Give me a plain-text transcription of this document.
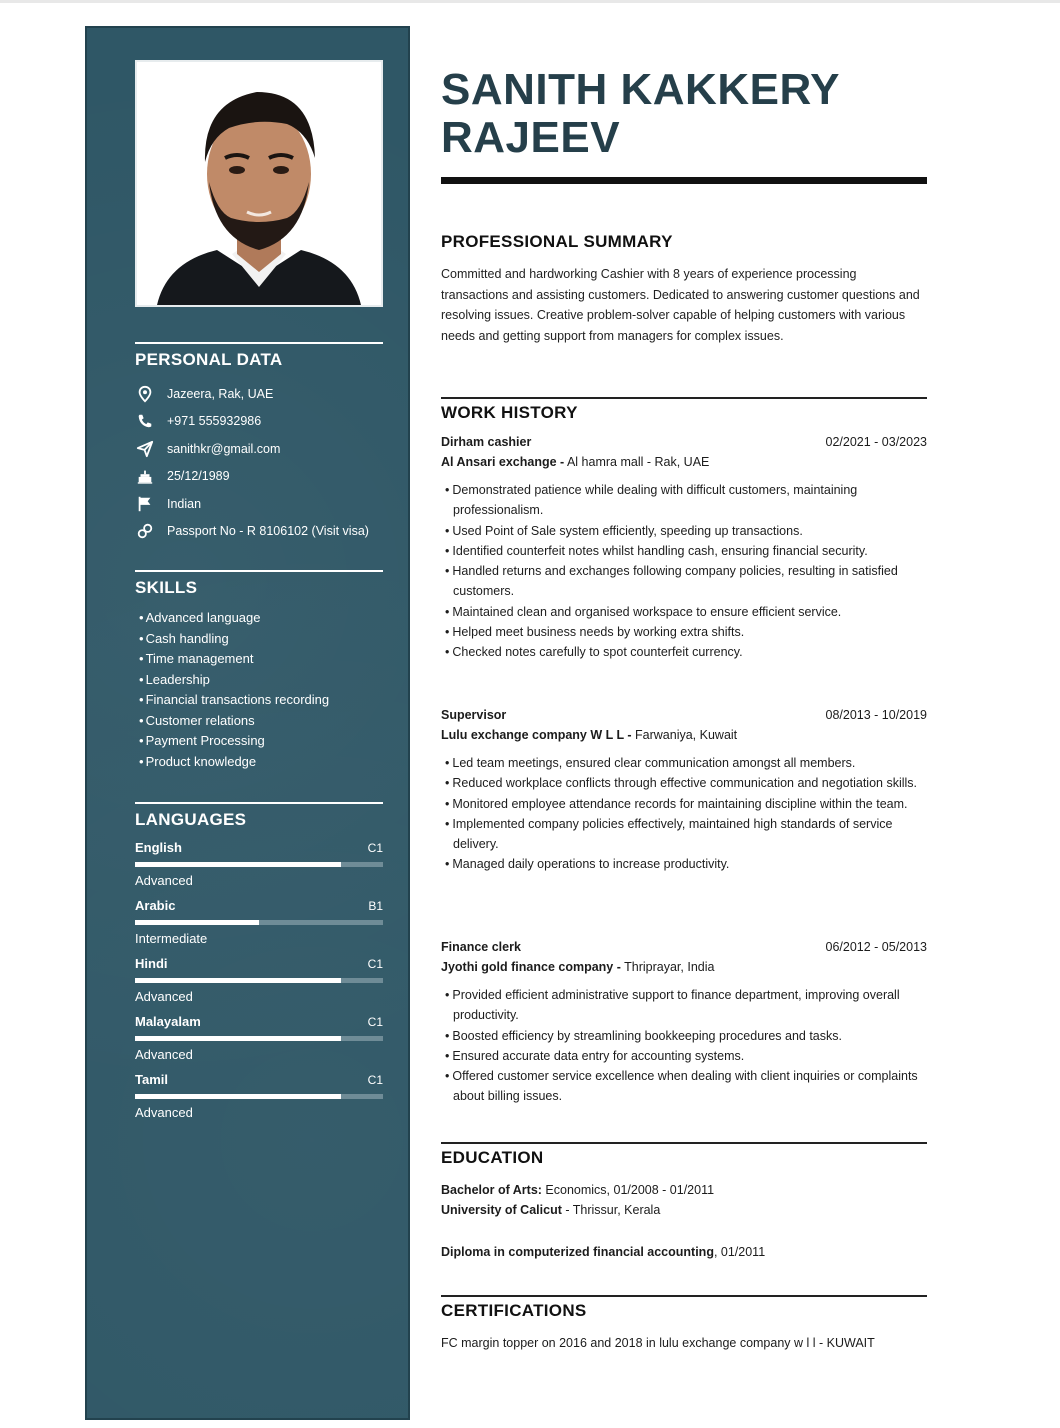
PERSONAL DATA
Jazeera, Rak, UAE
+971 555932986
sanithkr@gmail.com
25/12/1989
Indian
Passport No - R 8106102 (Visit visa)
SKILLS
• Advanced language
• Cash handling
• Time management
• Leadership
• Financial transactions recording
• Customer relations
• Payment Processing
• Product knowledge
LANGUAGES
English	C1
Advanced
Arabic	B1
Intermediate
Hindi	C1
Advanced
Malayalam	C1
Advanced
Tamil	C1
Advanced
SANITH KAKKERY
RAJEEV
PROFESSIONAL SUMMARY

Committed and hardworking Cashier with 8 years of experience processing transactions and assisting customers. Dedicated to answering customer questions and resolving issues. Creative problem-solver capable of helping customers with various needs and getting support from managers for complex issues.

WORK HISTORY
Dirham cashier	02/2021 - 03/2023
Al Ansari exchange - Al hamra mall - Rak, UAE
• Demonstrated patience while dealing with difficult customers, maintaining professionalism.
• Used Point of Sale system efficiently, speeding up transactions.
• Identified counterfeit notes whilst handling cash, ensuring financial security.
• Handled returns and exchanges following company policies, resulting in satisfied customers.
• Maintained clean and organised workspace to ensure efficient service.
• Helped meet business needs by working extra shifts.
• Checked notes carefully to spot counterfeit currency.
Supervisor	08/2013 - 10/2019
Lulu exchange company W L L - Farwaniya, Kuwait
• Led team meetings, ensured clear communication amongst all members.
• Reduced workplace conflicts through effective communication and negotiation skills.
• Monitored employee attendance records for maintaining discipline within the team.
• Implemented company policies effectively, maintained high standards of service delivery.
• Managed daily operations to increase productivity.
Finance clerk	06/2012 - 05/2013
Jyothi gold finance company - Thriprayar, India
• Provided efficient administrative support to finance department, improving overall productivity.
• Boosted efficiency by streamlining bookkeeping procedures and tasks.
• Ensured accurate data entry for accounting systems.
• Offered customer service excellence when dealing with client inquiries or complaints about billing issues.
EDUCATION
Bachelor of Arts: Economics, 01/2008 - 01/2011
University of Calicut - Thrissur, Kerala
Diploma in computerized financial accounting, 01/2011
CERTIFICATIONS
FC margin topper on 2016 and 2018 in lulu exchange company w l l - KUWAIT
